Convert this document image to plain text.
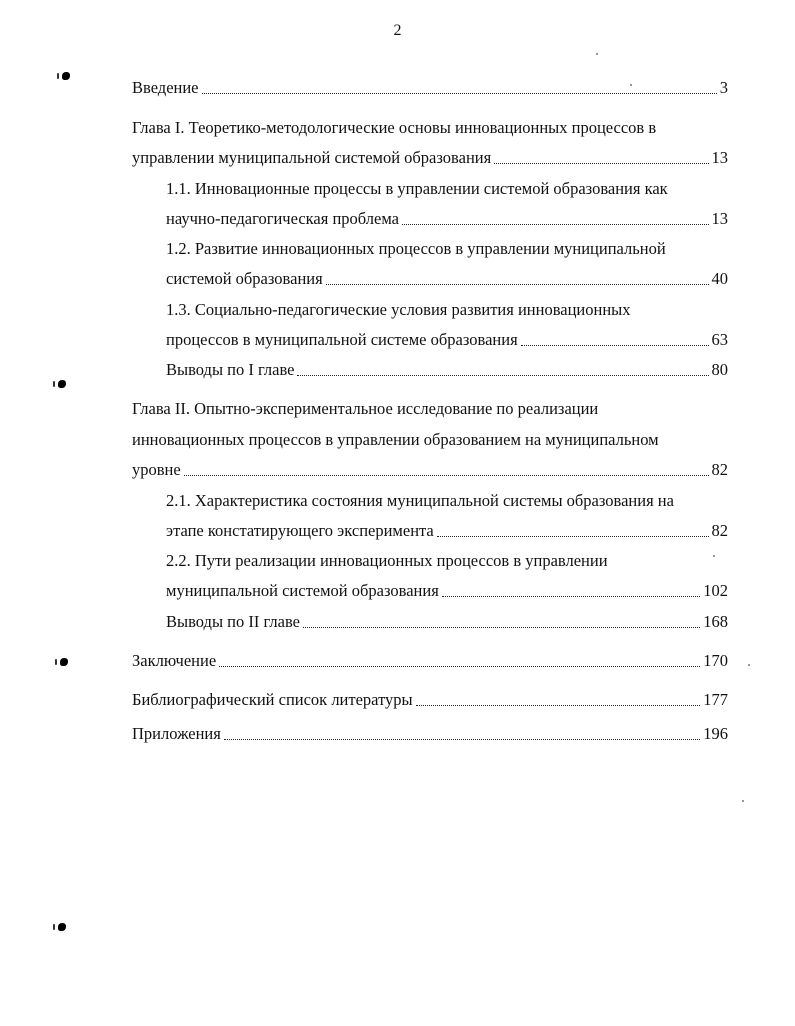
2
Введение	3
Глава I. Теоретико-методологические основы инновационных процессов в
управлении муниципальной системой образования	13
1.1. Инновационные процессы в управлении системой образования как
научно-педагогическая проблема	13
1.2. Развитие инновационных процессов в управлении муниципальной
системой образования	40
1.3. Социально-педагогические условия развития инновационных
процессов в муниципальной системе образования	63
Выводы по I главе	80
Глава II. Опытно-экспериментальное исследование по реализации
инновационных процессов в управлении образованием на муниципальном
уровне	82
2.1. Характеристика состояния муниципальной системы образования на
этапе констатирующего эксперимента	82
2.2. Пути реализации инновационных процессов в управлении
муниципальной системой образования	102
Выводы по II главе	168
Заключение	170
Библиографический список литературы	177
Приложения	196
